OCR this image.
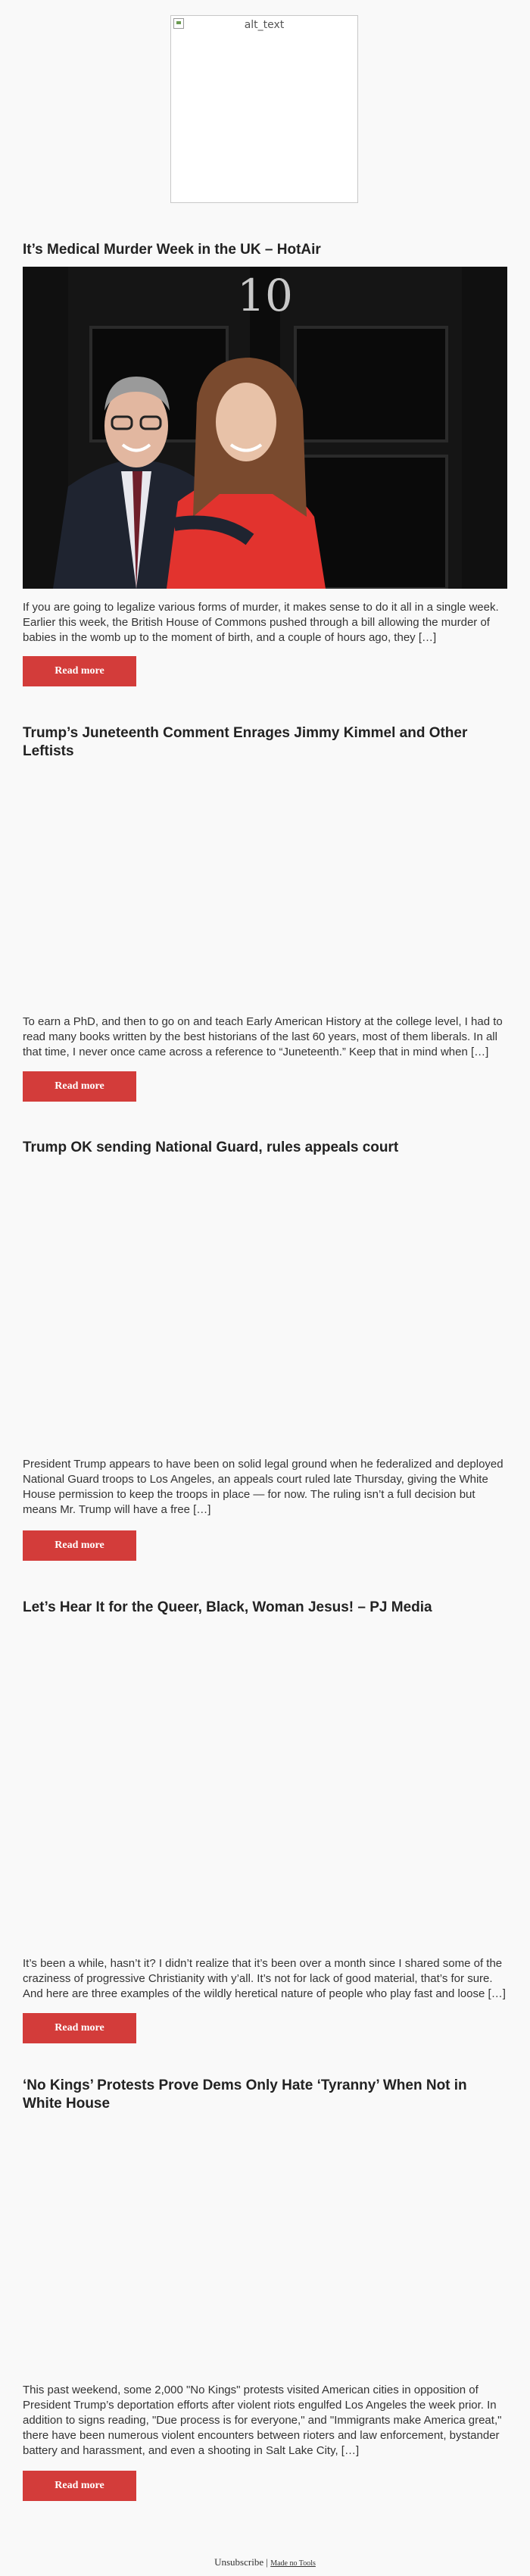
alt_text
It’s Medical Murder Week in the UK – HotAir
10

If you are going to legalize various forms of murder, it makes sense to do it all in a single week. Earlier this week, the British House of Commons pushed through a bill allowing the murder of babies in the womb up to the moment of birth, and a couple of hours ago, they […]

Read more
Trump’s Juneteenth Comment Enrages Jimmy Kimmel and Other Leftists

To earn a PhD, and then to go on and teach Early American History at the college level, I had to read many books written by the best historians of the last 60 years, most of them liberals. In all that time, I never once came across a reference to “Juneteenth.” Keep that in mind when […]

Read more
Trump OK sending National Guard, rules appeals court

President Trump appears to have been on solid legal ground when he federalized and deployed National Guard troops to Los Angeles, an appeals court ruled late Thursday, giving the White House permission to keep the troops in place — for now. The ruling isn’t a full decision but means Mr. Trump will have a free […]

Read more
Let’s Hear It for the Queer, Black, Woman Jesus! – PJ Media

It’s been a while, hasn’t it? I didn’t realize that it’s been over a month since I shared some of the craziness of progressive Christianity with y’all. It’s not for lack of good material, that’s for sure. And here are three examples of the wildly heretical nature of people who play fast and loose […]

Read more
‘No Kings’ Protests Prove Dems Only Hate ‘Tyranny’ When Not in White House

This past weekend, some 2,000 "No Kings" protests visited American cities in opposition of President Trump’s deportation efforts after violent riots engulfed Los Angeles the week prior. In addition to signs reading, "Due process is for everyone," and "Immigrants make America great," there have been numerous violent encounters between rioters and law enforcement, bystander battery and harassment, and even a shooting in Salt Lake City, […]

Read more
Unsubscribe | Made no Tools
